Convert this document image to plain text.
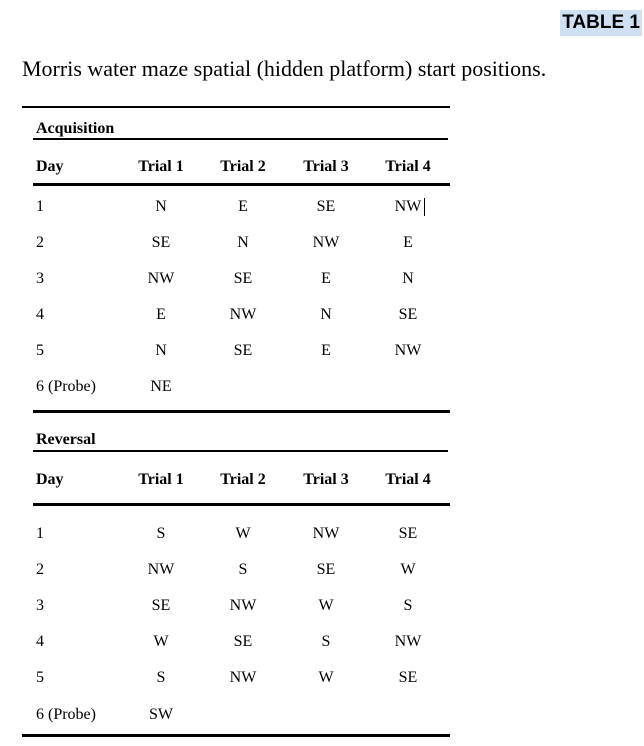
TABLE 1
Morris water maze spatial (hidden platform) start positions.
Acquisition
Day	Trial 1	Trial 2	Trial 3	Trial 4
1	N	E	SE	NW
2	SE	N	NW	E
3	NW	SE	E	N
4	E	NW	N	SE
5	N	SE	E	NW
6 (Probe)	NE
Reversal
Day	Trial 1	Trial 2	Trial 3	Trial 4
1	S	W	NW	SE
2	NW	S	SE	W
3	SE	NW	W	S
4	W	SE	S	NW
5	S	NW	W	SE
6 (Probe)	SW
